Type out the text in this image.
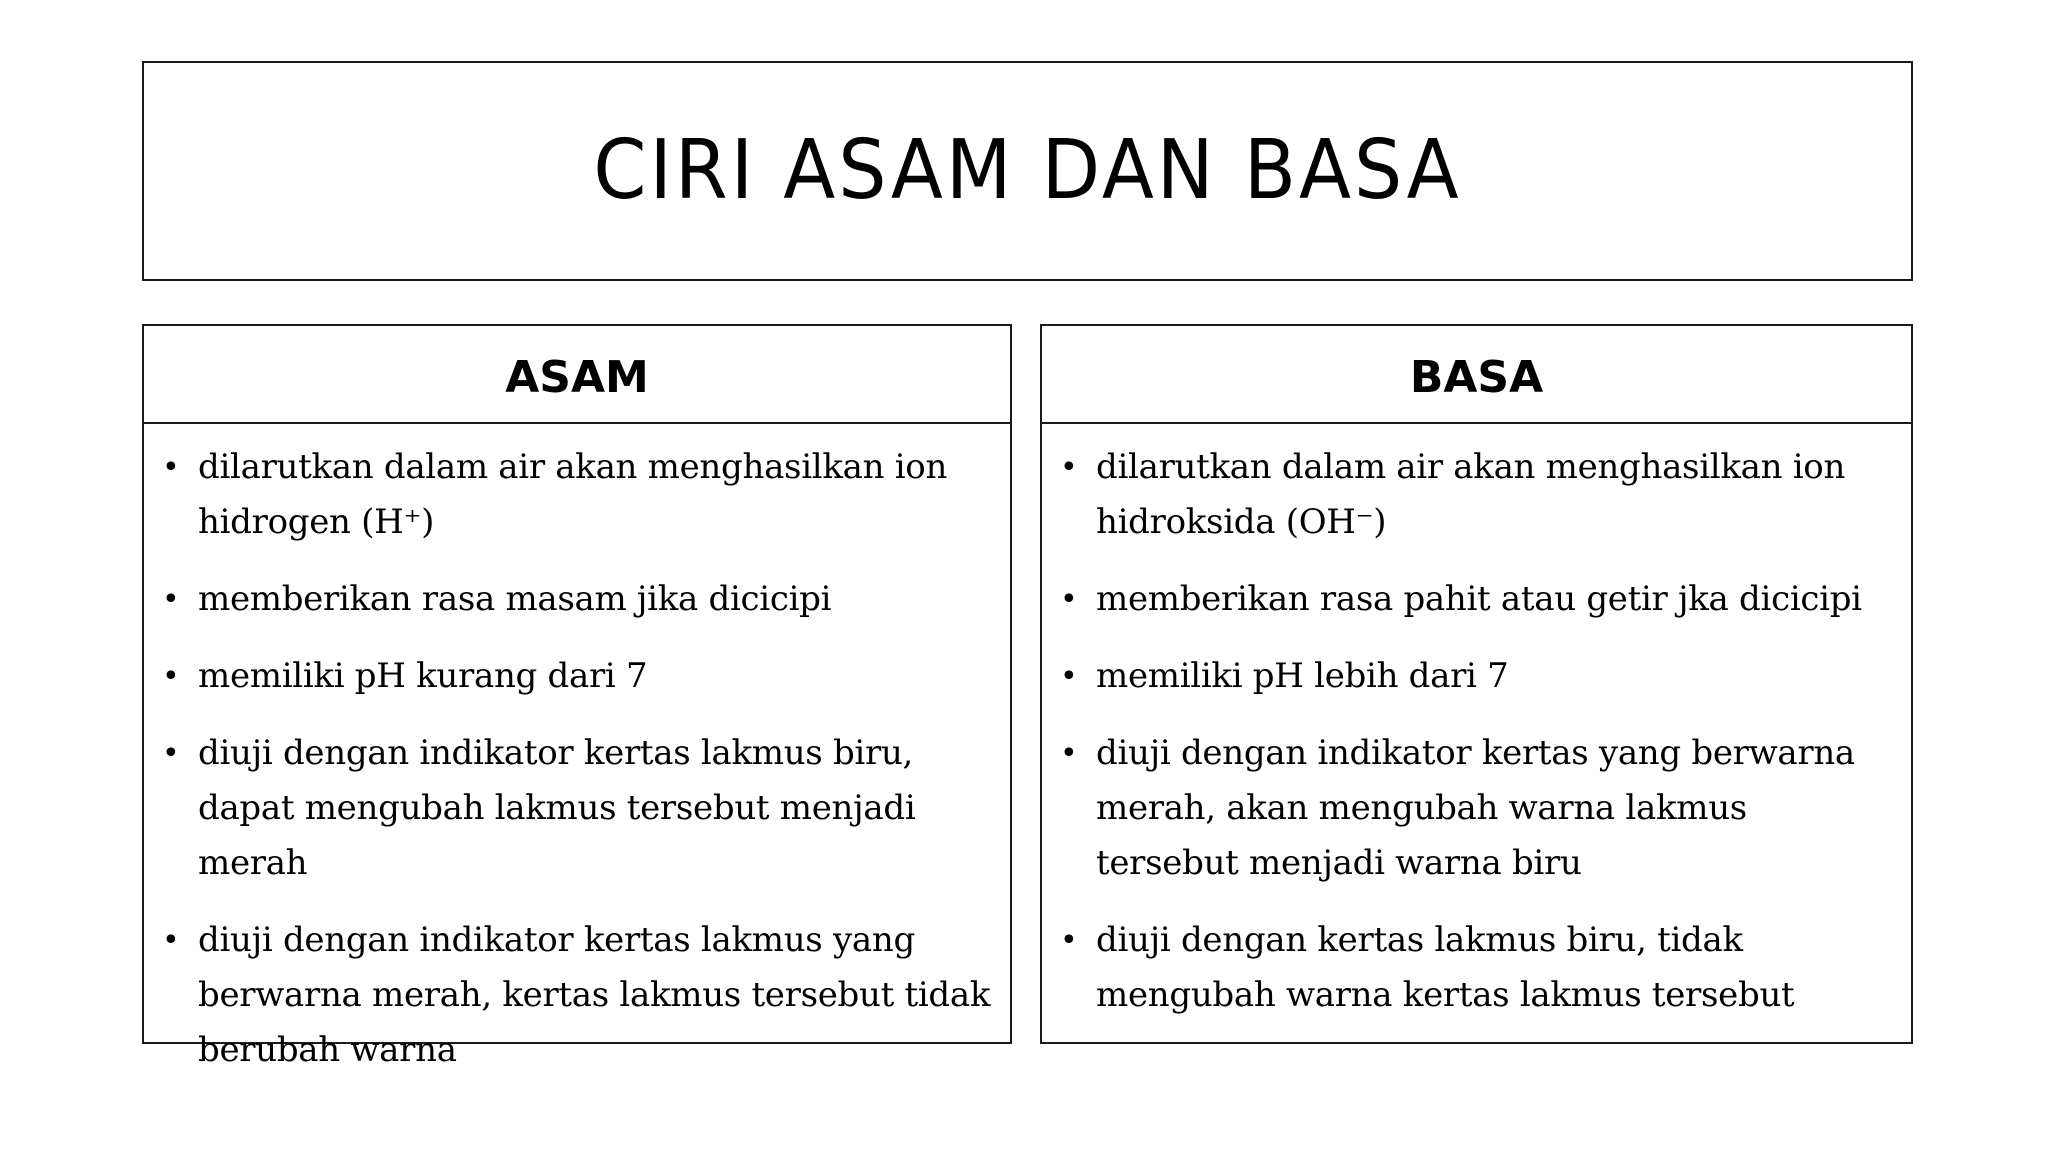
CIRI ASAM DAN BASA
ASAM
• dilarutkan dalam air akan menghasilkan ion hidrogen (H⁺)
• memberikan rasa masam jika dicicipi
• memiliki pH kurang dari 7
• diuji dengan indikator kertas lakmus biru, dapat mengubah lakmus tersebut menjadi merah
• diuji dengan indikator kertas lakmus yang berwarna merah, kertas lakmus tersebut tidak berubah warna
BASA
• dilarutkan dalam air akan menghasilkan ion hidroksida (OH⁻)
• memberikan rasa pahit atau getir jka dicicipi
• memiliki pH lebih dari 7
• diuji dengan indikator kertas yang berwarna merah, akan mengubah warna lakmus tersebut menjadi warna biru
• diuji dengan kertas lakmus biru, tidak mengubah warna kertas lakmus tersebut
